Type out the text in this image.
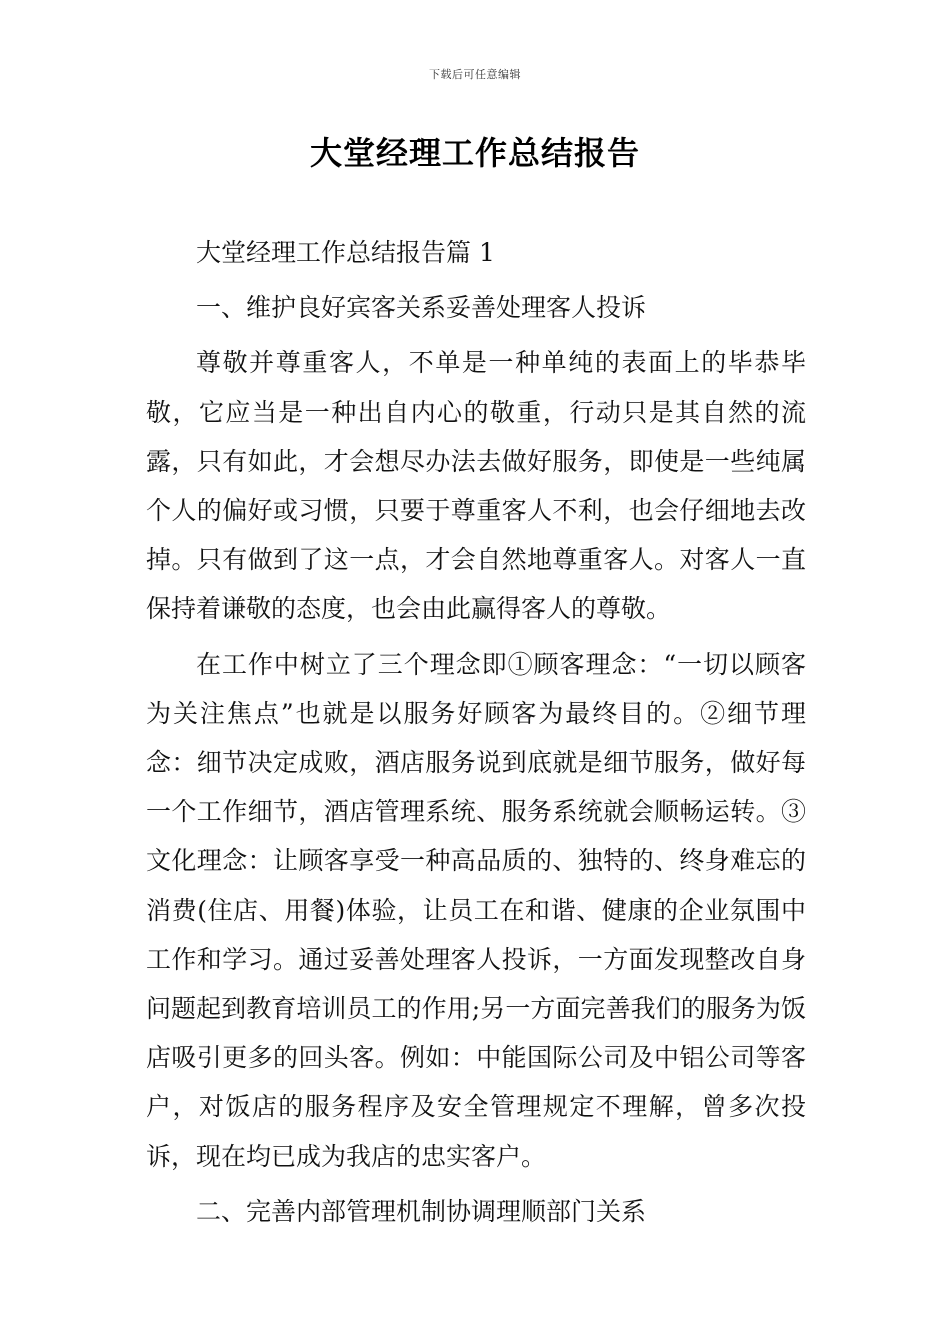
下载后可任意编辑
大堂经理工作总结报告

大堂经理工作总结报告篇 1

一、维护良好宾客关系妥善处理客人投诉

尊敬并尊重客人，不单是一种单纯的表面上的毕恭毕敬，它应当是一种出自内心的敬重，行动只是其自然的流露，只有如此，才会想尽办法去做好服务，即使是一些纯属个人的偏好或习惯，只要于尊重客人不利，也会仔细地去改掉。只有做到了这一点，才会自然地尊重客人。对客人一直保持着谦敬的态度，也会由此赢得客人的尊敬。

在工作中树立了三个理念即①顾客理念：“一切以顾客为关注焦点”也就是以服务好顾客为最终目的。②细节理念：细节决定成败，酒店服务说到底就是细节服务，做好每一个工作细节，酒店管理系统、服务系统就会顺畅运转。③文化理念：让顾客享受一种高品质的、独特的、终身难忘的消费(住店、用餐)体验，让员工在和谐、健康的企业氛围中工作和学习。通过妥善处理客人投诉，一方面发现整改自身问题起到教育培训员工的作用;另一方面完善我们的服务为饭店吸引更多的回头客。例如：中能国际公司及中铝公司等客户，对饭店的服务程序及安全管理规定不理解，曾多次投诉，现在均已成为我店的忠实客户。

二、完善内部管理机制协调理顺部门关系
